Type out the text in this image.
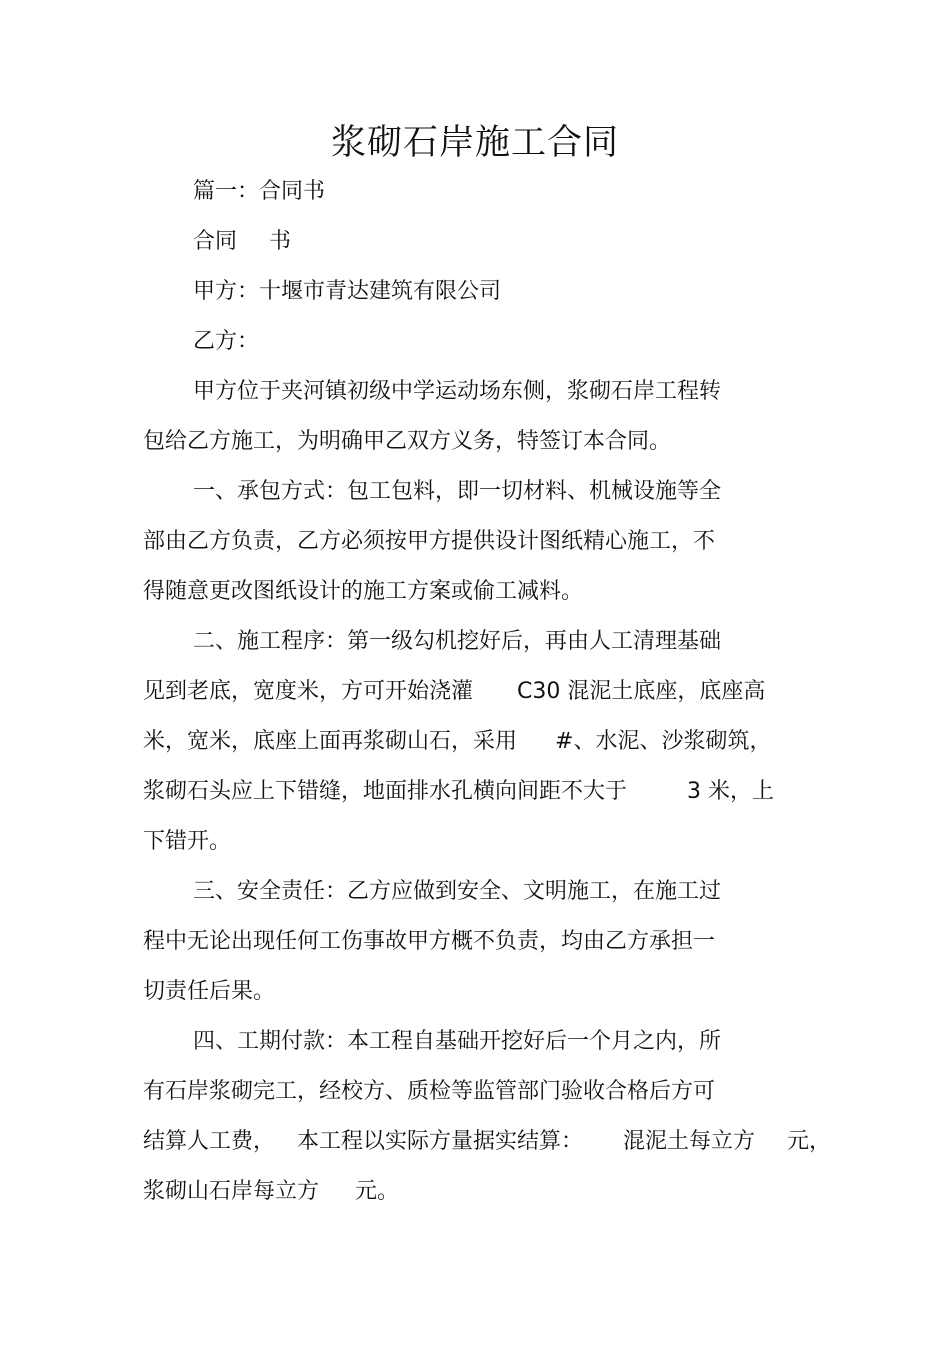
浆砌石岸施工合同
篇一：合同书
合同 书
甲方：十堰市青达建筑有限公司
乙方：
甲方位于夹河镇初级中学运动场东侧，浆砌石岸工程转
包给乙方施工，为明确甲乙双方义务，特签订本合同。
一、承包方式：包工包料，即一切材料、机械设施等全
部由乙方负责，乙方必须按甲方提供设计图纸精心施工，不
得随意更改图纸设计的施工方案或偷工减料。
二、施工程序：第一级勾机挖好后，再由人工清理基础
见到老底，宽度米，方可开始浇灌 C30 混泥土底座，底座高
米，宽米，底座上面再浆砌山石，采用 #、水泥、沙浆砌筑，
浆砌石头应上下错缝，地面排水孔横向间距不大于	3 米，上
下错开。
三、安全责任：乙方应做到安全、文明施工，在施工过
程中无论出现任何工伤事故甲方概不负责，均由乙方承担一
切责任后果。
四、工期付款：本工程自基础开挖好后一个月之内，所
有石岸浆砌完工，经校方、质检等监管部门验收合格后方可
结算人工费， 本工程以实际方量据实结算： 混泥土每立方 元，
浆砌山石岸每立方 元。
